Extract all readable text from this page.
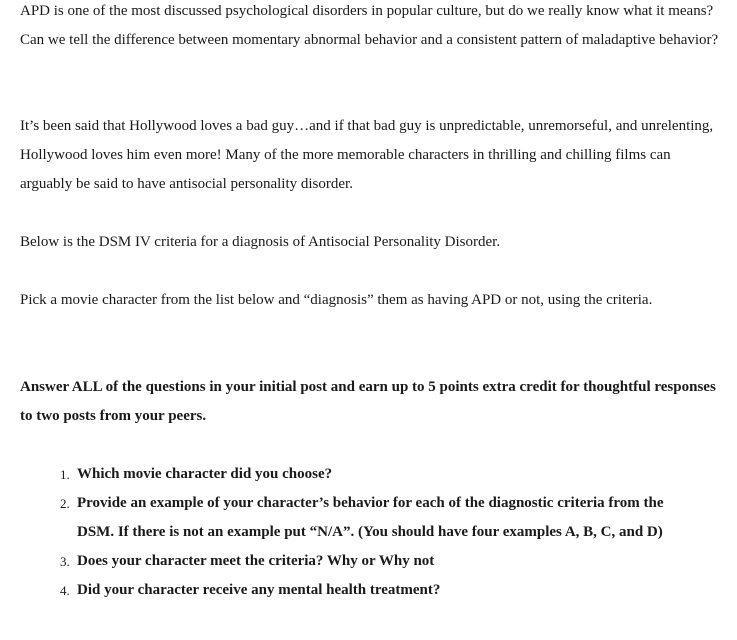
APD is one of the most discussed psychological disorders in popular culture, but do we really know what it means? Can we tell the difference between momentary abnormal behavior and a consistent pattern of maladaptive behavior?

It’s been said that Hollywood loves a bad guy…and if that bad guy is unpredictable, unremorseful, and unrelenting, Hollywood loves him even more! Many of the more memorable characters in thrilling and chilling films can arguably be said to have antisocial personality disorder.

Below is the DSM IV criteria for a diagnosis of Antisocial Personality Disorder.

Pick a movie character from the list below and “diagnosis” them as having APD or not, using the criteria.

Answer ALL of the questions in your initial post and earn up to 5 points extra credit for thoughtful responses to two posts from your peers.

1. Which movie character did you choose?
2. Provide an example of your character’s behavior for each of the diagnostic criteria from the DSM. If there is not an example put “N/A”. (You should have four examples A, B, C, and D)
3. Does your character meet the criteria? Why or Why not
4. Did your character receive any mental health treatment?
